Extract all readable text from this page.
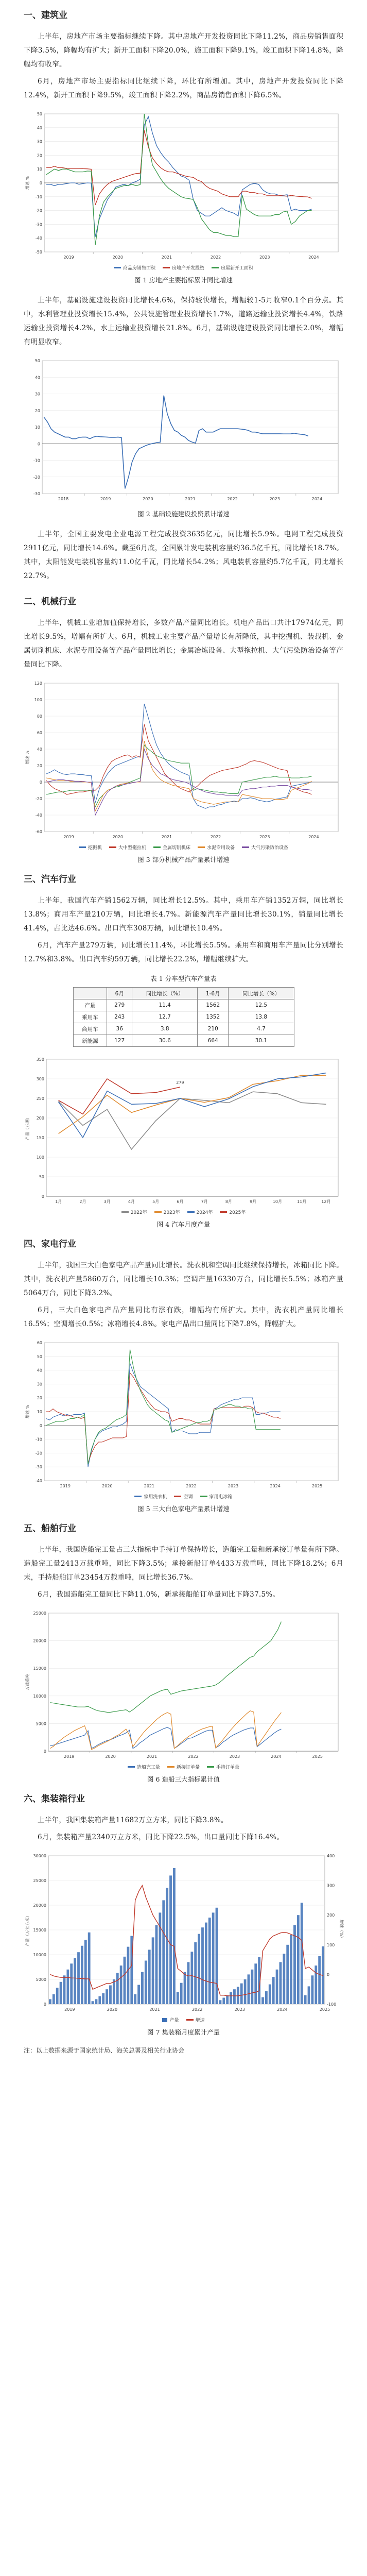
一、建筑业

上半年，房地产市场主要指标继续下降。其中房地产开发投资同比下降11.2%，商品房销售面积下降3.5%，降幅均有扩大；新开工面积下降20.0%，施工面积下降9.1%，竣工面积下降14.8%，降幅均有收窄。

6月，房地产市场主要指标同比继续下降，环比有所增加。其中，房地产开发投资同比下降12.4%，新开工面积下降9.5%，竣工面积下降2.2%，商品房销售面积下降6.5%。

-50
-40
-30
-20
-10
0
10
20
30
40
50
增速 %
2019	2020	2021	2022	2023	2024
商品房销售面积	房地产开发投资	房屋新开工面积
图 1 房地产主要指标累计同比增速

上半年，基础设施建设投资同比增长4.6%，保持较快增长，增幅较1-5月收窄0.1个百分点。其中，水利管理业投资增长15.4%，公共设施管理业投资增长1.7%，道路运输业投资增长4.4%，铁路运输业投资增长4.2%，水上运输业投资增长21.8%。6月，基础设施建设投资同比增长2.0%，增幅有明显收窄。

-30
-20
-10
0
10
20
30
40
50
2018	2019	2020	2021	2022	2023	2024
图 2 基础设施建设投资累计增速

上半年，全国主要发电企业电源工程完成投资3635亿元，同比增长5.9%。电网工程完成投资2911亿元，同比增长14.6%。截至6月底，全国累计发电装机容量约36.5亿千瓦，同比增长18.7%。其中，太阳能发电装机容量约11.0亿千瓦，同比增长54.2%；风电装机容量约5.7亿千瓦，同比增长22.7%。

二、机械行业

上半年，机械工业增加值保持增长，多数产品产量同比增长。机电产品出口共计17974亿元，同比增长9.5%，增幅有所扩大。6月，机械工业主要产品产量增长有所降低，其中挖掘机、装载机、金属切削机床、水泥专用设备等产品产量同比增长；金属冶炼设备、大型拖拉机、大气污染防治设备等产量同比下降。

-60
-40
-20
0
20
40
60
80
100
120
增速 %
2019	2020	2021	2022	2023	2024
挖掘机	大中型拖拉机	金属切削机床	水泥专用设备	大气污染防治设备
图 3 部分机械产品产量累计增速
三、汽车行业

上半年，我国汽车产销1562万辆，同比增长12.5%。其中，乘用车产销1352万辆，同比增长13.8%；商用车产量210万辆，同比增长4.7%。新能源汽车产量同比增长30.1%，销量同比增长41.4%，占比达46.6%。出口汽车308万辆，同比增长10.4%。

6月，汽车产量279万辆，同比增长11.4%，环比增长5.5%。乘用车和商用车产量同比分别增长12.7%和3.8%。出口汽车约59万辆，同比增长22.2%，增幅继续扩大。

表 1 分车型汽车产量表
	6月	同比增长（%）	1-6月	同比增长（%）
产量	279	11.4	1562	12.5
乘用车	243	12.7	1352	13.8
商用车	36	3.8	210	4.7
新能源	127	30.6	664	30.1
0
50
100
150
200
250
300
350
产量（万辆）
1月	2月	3月	4月	5月	6月	7月	8月	9月	10月	11月	12月
279
2022年	2023年	2024年	2025年
图 4 汽车月度产量
四、家电行业

上半年，我国三大白色家电产品产量同比增长。洗衣机和空调同比继续保持增长，冰箱同比下降。其中，洗衣机产量5860万台，同比增长10.3%；空调产量16330万台，同比增长5.5%；冰箱产量5064万台，同比下降3.2%。

6月，三大白色家电产品产量同比有涨有跌，增幅均有所扩大。其中，洗衣机产量同比增长16.5%；空调增长0.5%；冰箱增长4.8%。家电产品出口量同比下降7.8%，降幅扩大。

-40
-30
-20
-10
0
10
20
30
40
50
60
增速 %
2019	2020	2021	2022	2023	2024	2025
家用洗衣机	空调	家用电冰箱
图 5 三大白色家电产量累计增速
五、船舶行业

上半年，我国造船完工量占三大指标中手持订单保持增长，造船完工量和新承接订单量有所下降。造船完工量2413万载重吨，同比下降3.5%；承接新船订单4433万载重吨，同比下降18.2%；6月末，手持船舶订单23454万载重吨，同比增长36.7%。

6月，我国造船完工量同比下降11.0%，新承接船舶订单量同比下降37.5%。

0
5000
10000
15000
20000
25000
万载重吨
2019	2020	2021	2022	2023	2024	2025
造船完工量	新接订单量	手持订单量
图 6 造船三大指标累计值
六、集装箱行业

上半年，我国集装箱产量11682万立方米，同比下降3.8%。

6月，集装箱产量2340万立方米，同比下降22.5%，出口量同比下降16.4%。

0
5000
10000
15000
20000
25000
30000
-100
0
100
200
300
400
产量（万立方米）	增速（%）
2019	2020	2021	2022	2023	2024	2025
产量	增速
图 7 集装箱月度累计产量
注：以上数据来源于国家统计局、海关总署及相关行业协会
